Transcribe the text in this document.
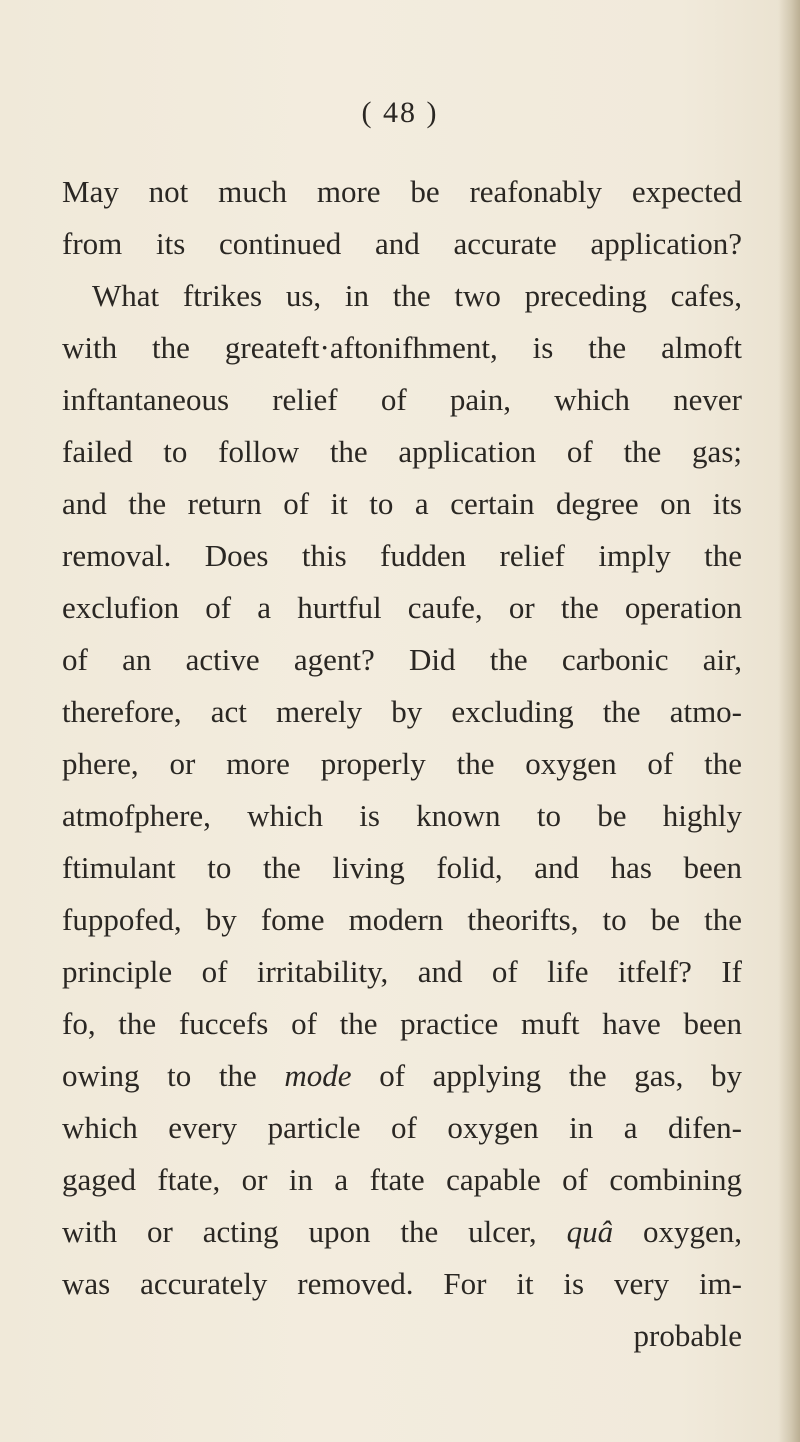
( 48 )
May not much more be reafonably expected
from its continued and accurate application?
What ftrikes us, in the two preceding cafes,
with the greateft·aftonifhment, is the almoft
inftantaneous relief of pain, which never
failed to follow the application of the gas;
and the return of it to a certain degree on its
removal. Does this fudden relief imply the
exclufion of a hurtful caufe, or the operation
of an active agent? Did the carbonic air,
therefore, act merely by excluding the atmo-
phere, or more properly the oxygen of the
atmofphere, which is known to be highly
ftimulant to the living folid, and has been
fuppofed, by fome modern theorifts, to be the
principle of irritability, and of life itfelf? If
fo, the fuccefs of the practice muft have been
owing to the mode of applying the gas, by
which every particle of oxygen in a difen-
gaged ftate, or in a ftate capable of combining
with or acting upon the ulcer, quâ oxygen,
was accurately removed. For it is very im-
probable
